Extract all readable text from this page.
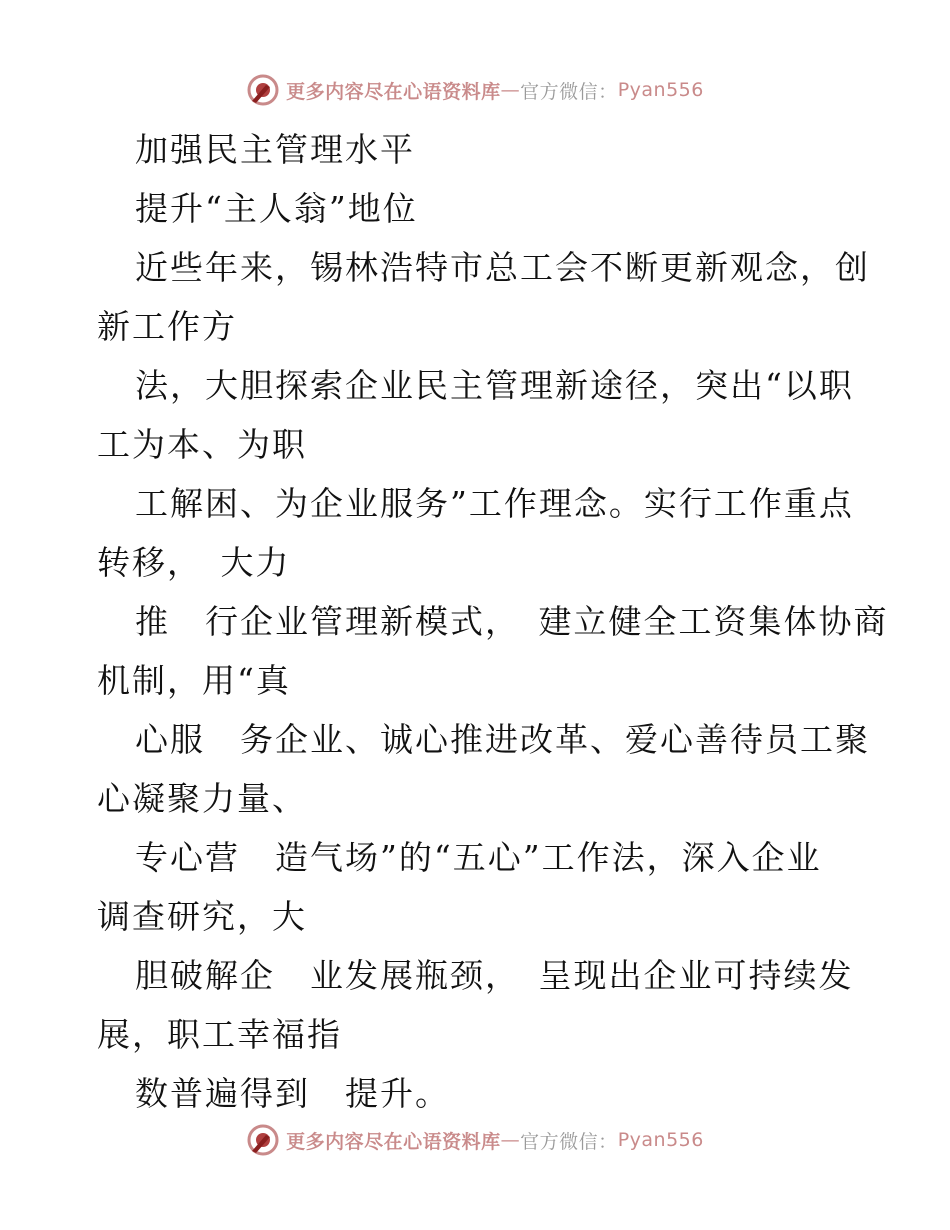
更多内容尽在心语资料库 — 官方微信： Pyan556
加强民主管理水平
提升“主人翁”地位
近些年来，锡林浩特市总工会不断更新观念，创
新工作方
法，大胆探索企业民主管理新途径，突出“以职
工为本、为职
工解困、为企业服务”工作理念。实行工作重点
转移，　大力
推　行企业管理新模式，　建立健全工资集体协商
机制，用“真
心服　务企业、诚心推进改革、爱心善待员工聚
心凝聚力量、
专心营　造气场”的“五心”工作法，深入企业
调查研究，大
胆破解企　业发展瓶颈，　呈现出企业可持续发
展，职工幸福指
数普遍得到　提升。
更多内容尽在心语资料库 — 官方微信： Pyan556
